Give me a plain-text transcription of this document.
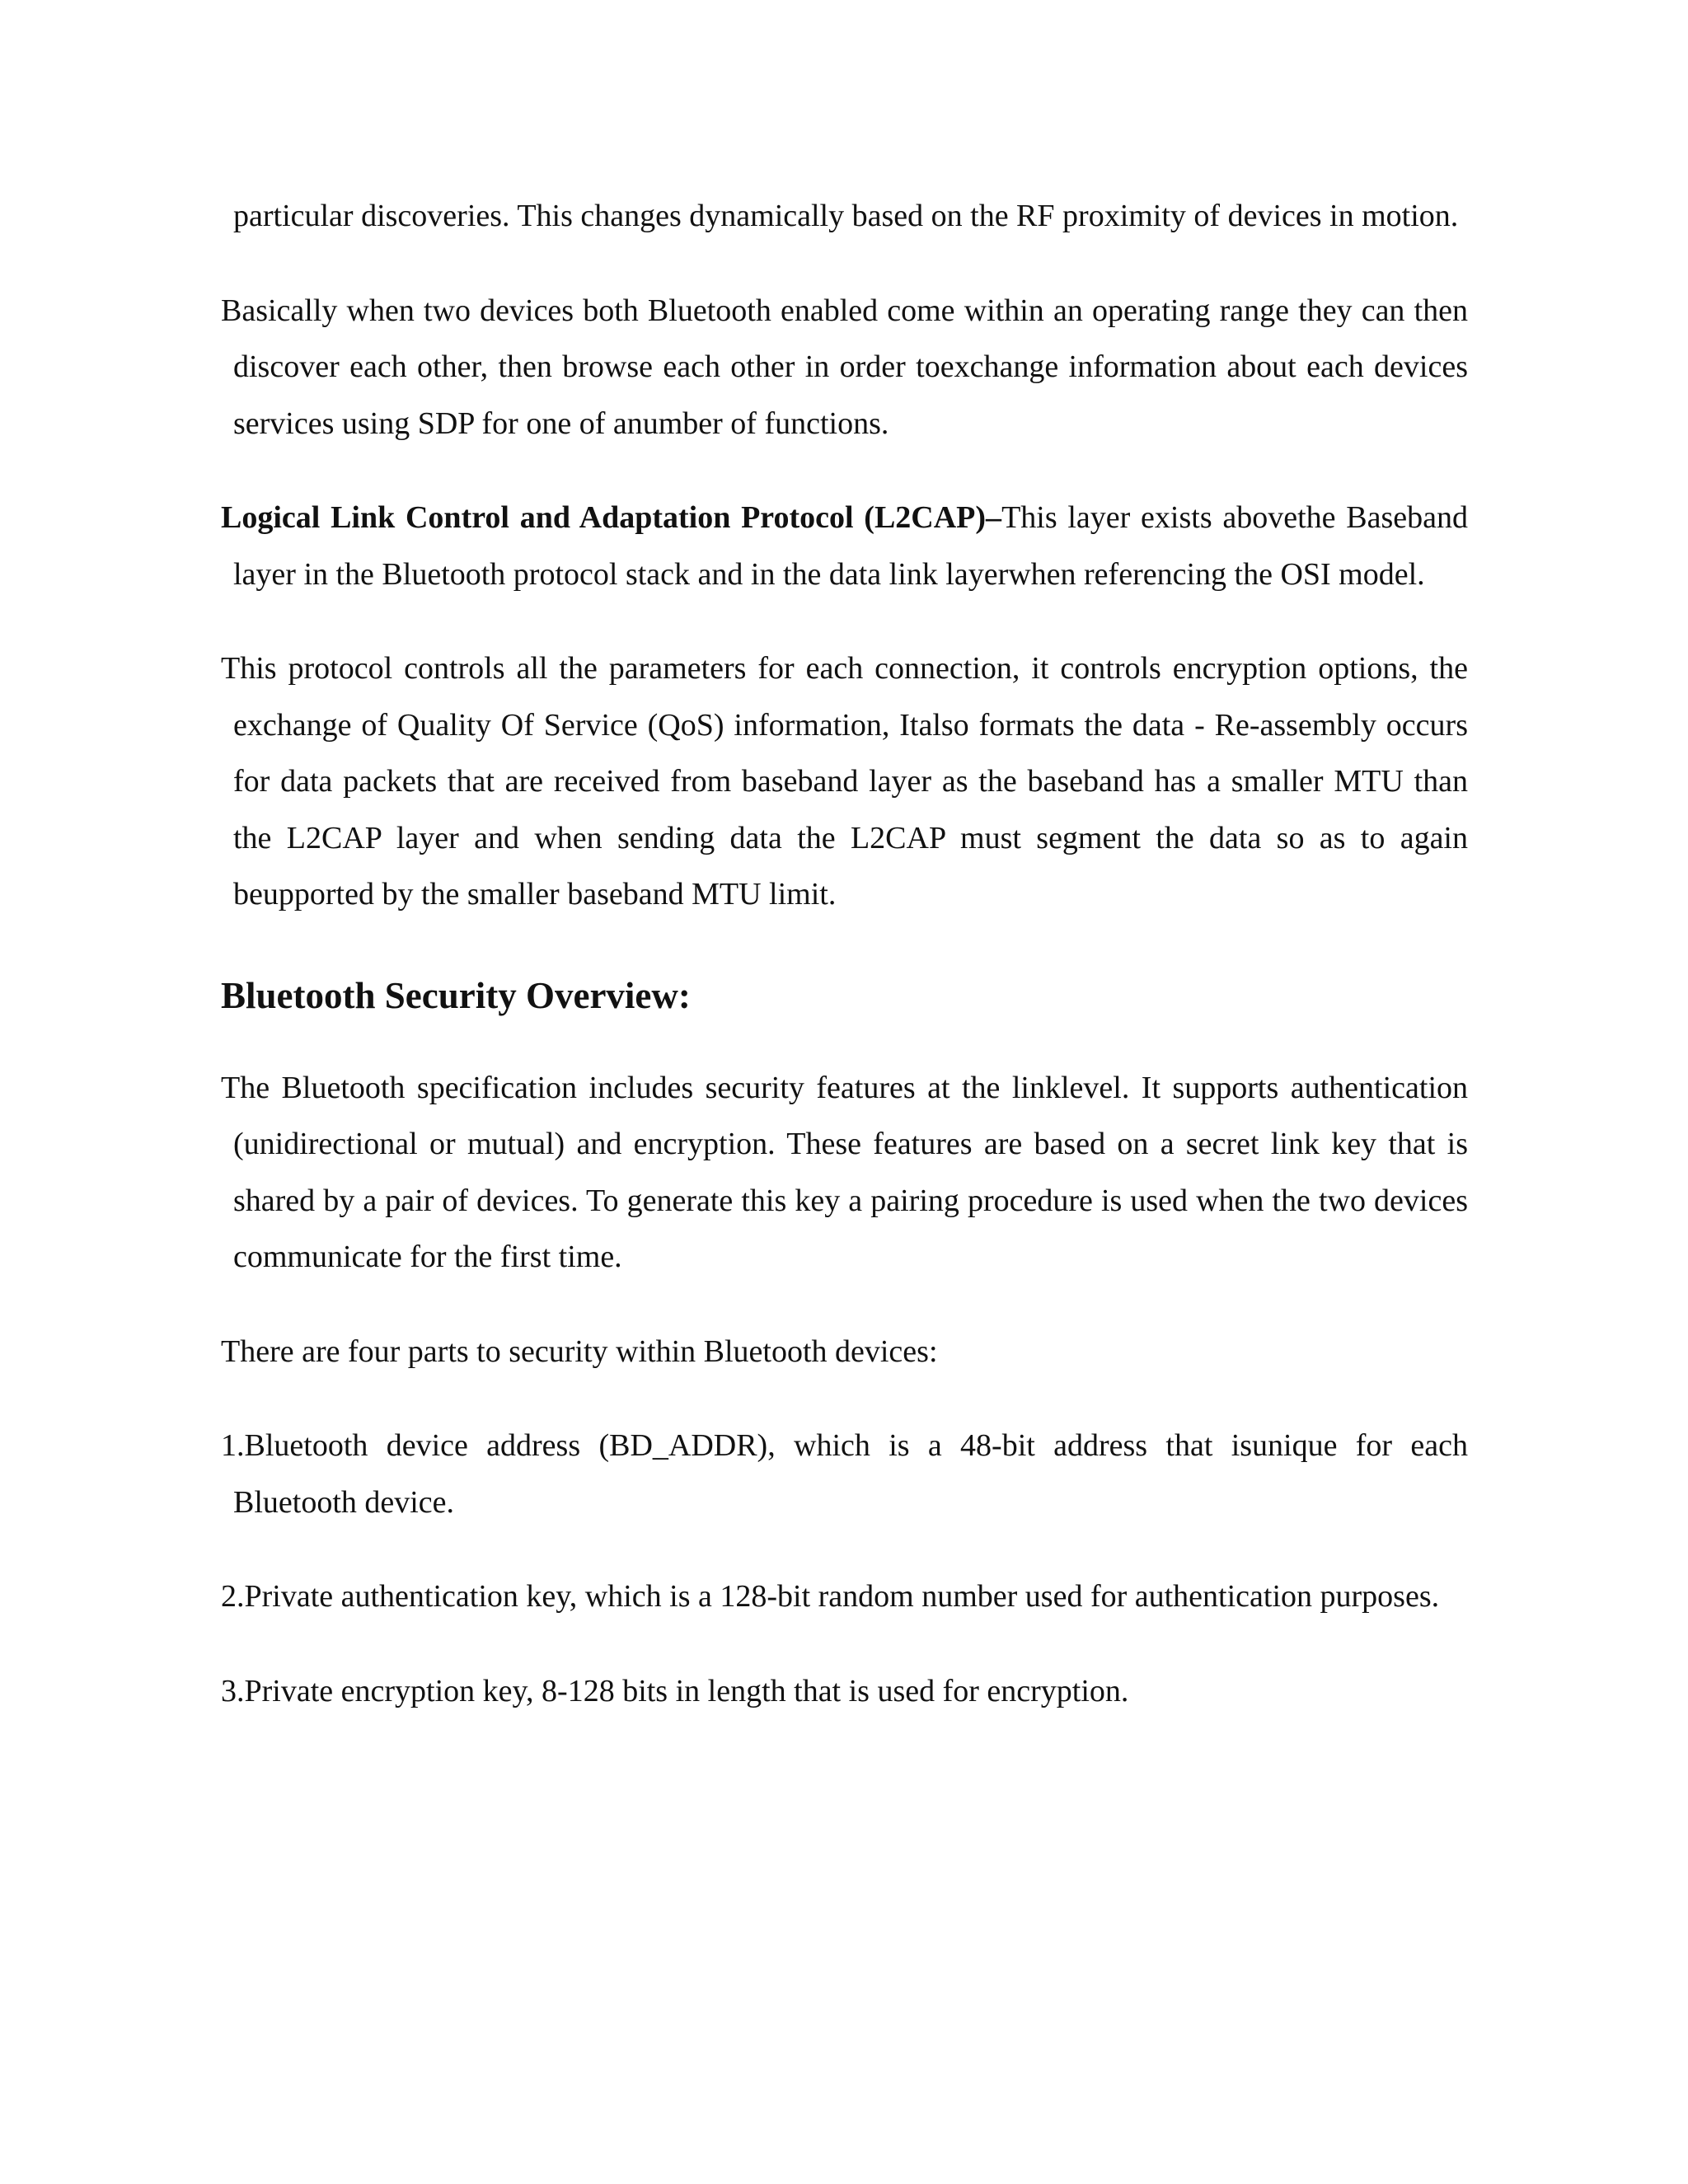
particular discoveries. This changes dynamically based on the RF proximity of devices in motion.

Basically when two devices both Bluetooth enabled come within an operating range they can then discover each other, then browse each other in order toexchange information about each devices services using SDP for one of anumber of functions.

Logical Link Control and Adaptation Protocol (L2CAP)–This layer exists abovethe Baseband layer in the Bluetooth protocol stack and in the data link layerwhen referencing the OSI model.

This protocol controls all the parameters for each connection, it controls encryption options, the exchange of Quality Of Service (QoS) information, Italso formats the data - Re-assembly occurs for data packets that are received from baseband layer as the baseband has a smaller MTU than the L2CAP layer and when sending data the L2CAP must segment the data so as to again beupported by the smaller baseband MTU limit.

Bluetooth Security Overview:

The Bluetooth specification includes security features at the linklevel. It supports authentication (unidirectional or mutual) and encryption. These features are based on a secret link key that is shared by a pair of devices. To generate this key a pairing procedure is used when the two devices communicate for the first time.

There are four parts to security within Bluetooth devices:

1.Bluetooth device address (BD_ADDR), which is a 48-bit address that isunique for each Bluetooth device.

2.Private authentication key, which is a 128-bit random number used for authentication purposes.

3.Private encryption key, 8-128 bits in length that is used for encryption.
